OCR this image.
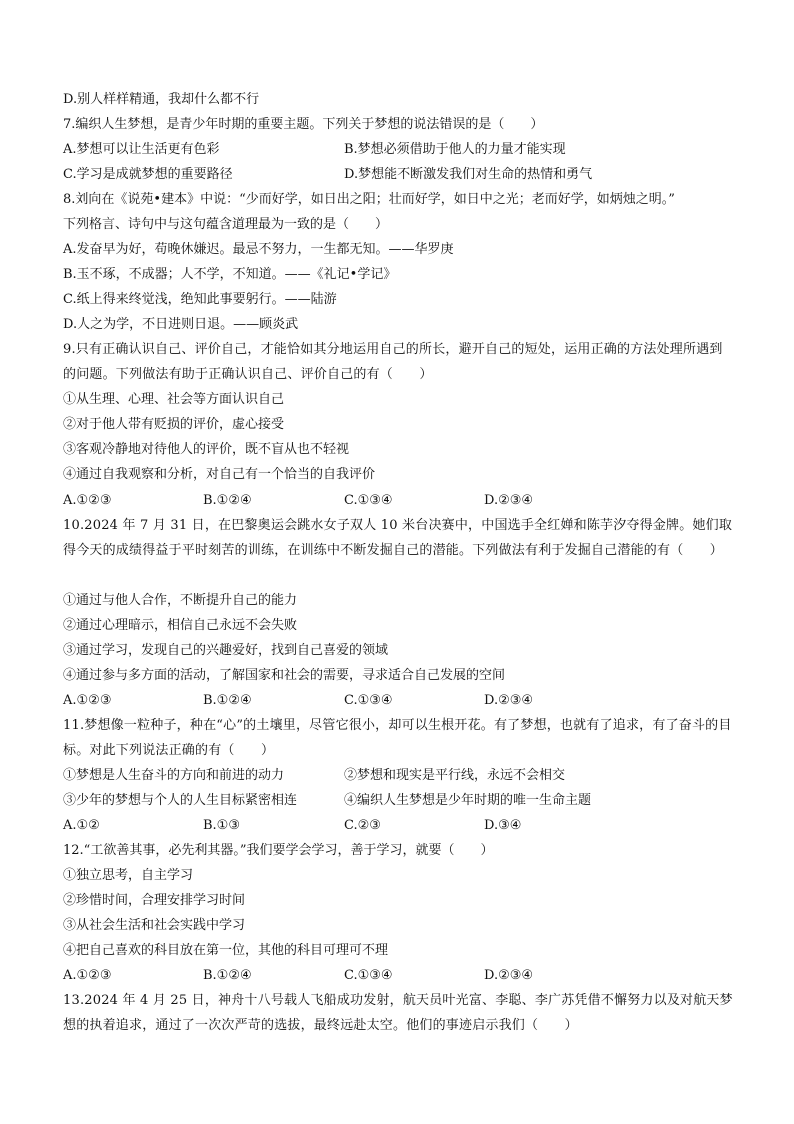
D.别人样样精通，我却什么都不行
7.编织人生梦想，是青少年时期的重要主题。下列关于梦想的说法错误的是（　　）
A.梦想可以让生活更有色彩	B.梦想必须借助于他人的力量才能实现
C.学习是成就梦想的重要路径	D.梦想能不断激发我们对生命的热情和勇气
8.刘向在《说苑•建本》中说：“少而好学，如日出之阳；壮而好学，如日中之光；老而好学，如炳烛之明。”
下列格言、诗句中与这句蕴含道理最为一致的是（　　）
A.发奋早为好，苟晚休嫌迟。最忌不努力，一生都无知。——华罗庚
B.玉不琢，不成器；人不学，不知道。——《礼记•学记》
C.纸上得来终觉浅，绝知此事要躬行。——陆游
D.人之为学，不日进则日退。——顾炎武
9.只有正确认识自己、评价自己，才能恰如其分地运用自己的所长，避开自己的短处，运用正确的方法处理所遇到的问题。下列做法有助于正确认识自己、评价自己的有（　　）
①从生理、心理、社会等方面认识自己
②对于他人带有贬损的评价，虚心接受
③客观冷静地对待他人的评价，既不盲从也不轻视
④通过自我观察和分析，对自己有一个恰当的自我评价
A.①②③	B.①②④	C.①③④	D.②③④
10.2024 年 7 月 31 日，在巴黎奥运会跳水女子双人 10 米台决赛中，中国选手全红婵和陈芋汐夺得金牌。她们取得今天的成绩得益于平时刻苦的训练，在训练中不断发掘自己的潜能。下列做法有利于发掘自己潜能的有（　　）
①通过与他人合作，不断提升自己的能力
②通过心理暗示，相信自己永远不会失败
③通过学习，发现自己的兴趣爱好，找到自己喜爱的领域
④通过参与多方面的活动，了解国家和社会的需要，寻求适合自己发展的空间
A.①②③	B.①②④	C.①③④	D.②③④
11.梦想像一粒种子，种在“心”的土壤里，尽管它很小，却可以生根开花。有了梦想，也就有了追求，有了奋斗的目标。对此下列说法正确的有（　　）
①梦想是人生奋斗的方向和前进的动力	②梦想和现实是平行线，永远不会相交
③少年的梦想与个人的人生目标紧密相连	④编织人生梦想是少年时期的唯一生命主题
A.①②	B.①③	C.②③	D.③④
12.“工欲善其事，必先利其器。”我们要学会学习，善于学习，就要（　　）
①独立思考，自主学习
②珍惜时间，合理安排学习时间
③从社会生活和社会实践中学习
④把自己喜欢的科目放在第一位，其他的科目可理可不理
A.①②③	B.①②④	C.①③④	D.②③④
13.2024 年 4 月 25 日，神舟十八号载人飞船成功发射，航天员叶光富、李聪、李广苏凭借不懈努力以及对航天梦想的执着追求，通过了一次次严苛的选拔，最终远赴太空。他们的事迹启示我们（　　）
